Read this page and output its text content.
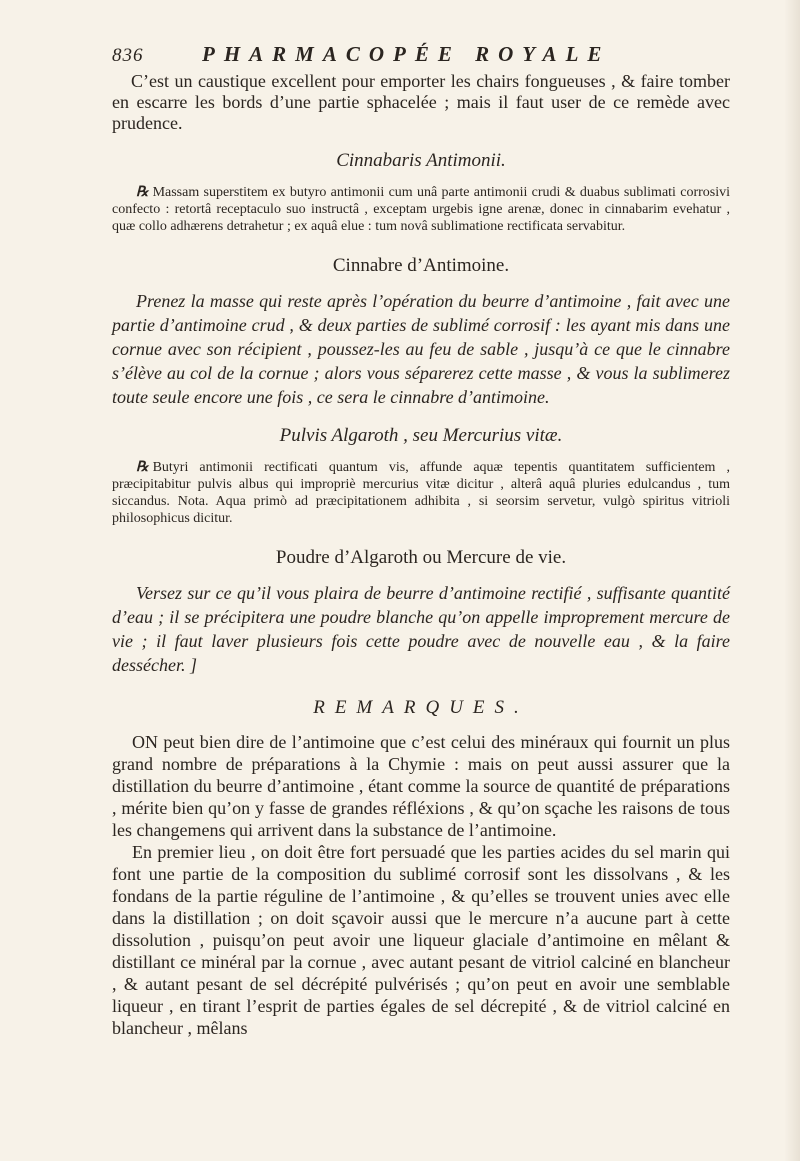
836	PHARMACOPÉE ROYALE

C’est un caustique excellent pour emporter les chairs fongueuses , & faire tomber en escarre les bords d’une partie sphacelée ; mais il faut user de ce remède avec prudence.

Cinnabaris Antimonii.

℞ Massam superstitem ex butyro antimonii cum unâ parte antimonii crudi & duabus sublimati corrosivi confecto : retortâ receptaculo suo instructâ , exceptam urgebis igne arenæ, donec in cinnabarim evehatur , quæ collo adhærens detrahetur ; ex aquâ elue : tum novâ sublimatione rectificata servabitur.

Cinnabre d’Antimoine.

Prenez la masse qui reste après l’opération du beurre d’antimoine , fait avec une partie d’antimoine crud , & deux parties de sublimé corrosif : les ayant mis dans une cornue avec son récipient , poussez-les au feu de sable , jusqu’à ce que le cinnabre s’élève au col de la cornue ; alors vous séparerez cette masse , & vous la sublimerez toute seule encore une fois , ce sera le cinnabre d’antimoine.

Pulvis Algaroth , seu Mercurius vitæ.

℞ Butyri antimonii rectificati quantum vis, affunde aquæ tepentis quantitatem sufficientem , præcipitabitur pulvis albus qui impropriè mercurius vitæ dicitur , alterâ aquâ pluries edulcandus , tum siccandus. Nota. Aqua primò ad præcipitationem adhibita , si seorsim servetur, vulgò spiritus vitrioli philosophicus dicitur.

Poudre d’Algaroth ou Mercure de vie.

Versez sur ce qu’il vous plaira de beurre d’antimoine rectifié , suffisante quantité d’eau ; il se précipitera une poudre blanche qu’on appelle improprement mercure de vie ; il faut laver plusieurs fois cette poudre avec de nouvelle eau , & la faire dessécher. ]

REMARQUES.

ON peut bien dire de l’antimoine que c’est celui des minéraux qui fournit un plus grand nombre de préparations à la Chymie : mais on peut aussi assurer que la distillation du beurre d’antimoine , étant comme la source de quantité de préparations , mérite bien qu’on y fasse de grandes réfléxions , & qu’on sçache les raisons de tous les changemens qui arrivent dans la substance de l’antimoine.

En premier lieu , on doit être fort persuadé que les parties acides du sel marin qui font une partie de la composition du sublimé corrosif sont les dissolvans , & les fondans de la partie réguline de l’antimoine , & qu’elles se trouvent unies avec elle dans la distillation ; on doit sçavoir aussi que le mercure n’a aucune part à cette dissolution , puisqu’on peut avoir une liqueur glaciale d’antimoine en mêlant & distillant ce minéral par la cornue , avec autant pesant de vitriol calciné en blancheur , & autant pesant de sel décrépité pulvérisés ; qu’on peut en avoir une semblable liqueur , en tirant l’esprit de parties égales de sel décrepité , & de vitriol calciné en blancheur , mêlans
